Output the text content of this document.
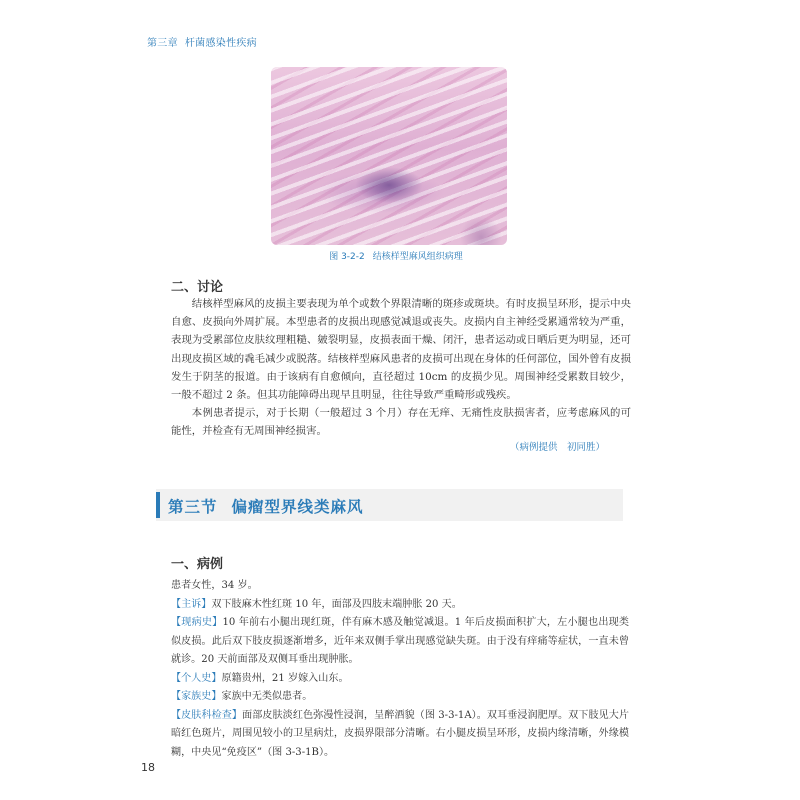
第三章 杆菌感染性疾病
图 3-2-2 结核样型麻风组织病理
二、讨论

结核样型麻风的皮损主要表现为单个或数个界限清晰的斑疹或斑块。有时皮损呈环形，提示中央自愈、皮损向外周扩展。本型患者的皮损出现感觉减退或丧失。皮损内自主神经受累通常较为严重，表现为受累部位皮肤纹理粗糙、皴裂明显，皮损表面干燥、闭汗，患者运动或日晒后更为明显，还可出现皮损区域的毳毛减少或脱落。结核样型麻风患者的皮损可出现在身体的任何部位，国外曾有皮损发生于阴茎的报道。由于该病有自愈倾向，直径超过 10cm 的皮损少见。周围神经受累数目较少，一般不超过 2 条。但其功能障碍出现早且明显，往往导致严重畸形或残疾。

本例患者提示，对于长期（一般超过 3 个月）存在无痒、无痛性皮肤损害者，应考虑麻风的可能性，并检查有无周围神经损害。

（病例提供　初同胜）
第三节 偏瘤型界线类麻风
一、病例

患者女性，34 岁。

【主诉】双下肢麻木性红斑 10 年，面部及四肢末端肿胀 20 天。

【现病史】10 年前右小腿出现红斑，伴有麻木感及触觉减退。1 年后皮损面积扩大，左小腿也出现类似皮损。此后双下肢皮损逐渐增多，近年来双侧手掌出现感觉缺失斑。由于没有痒痛等症状，一直未曾就诊。20 天前面部及双侧耳垂出现肿胀。

【个人史】原籍贵州，21 岁嫁入山东。

【家族史】家族中无类似患者。

【皮肤科检查】面部皮肤淡红色弥漫性浸润，呈醉酒貌（图 3-3-1A）。双耳垂浸润肥厚。双下肢见大片暗红色斑片，周围见较小的卫星病灶，皮损界限部分清晰。右小腿皮损呈环形，皮损内缘清晰，外缘模糊，中央见“免疫区”（图 3-3-1B）。

18
